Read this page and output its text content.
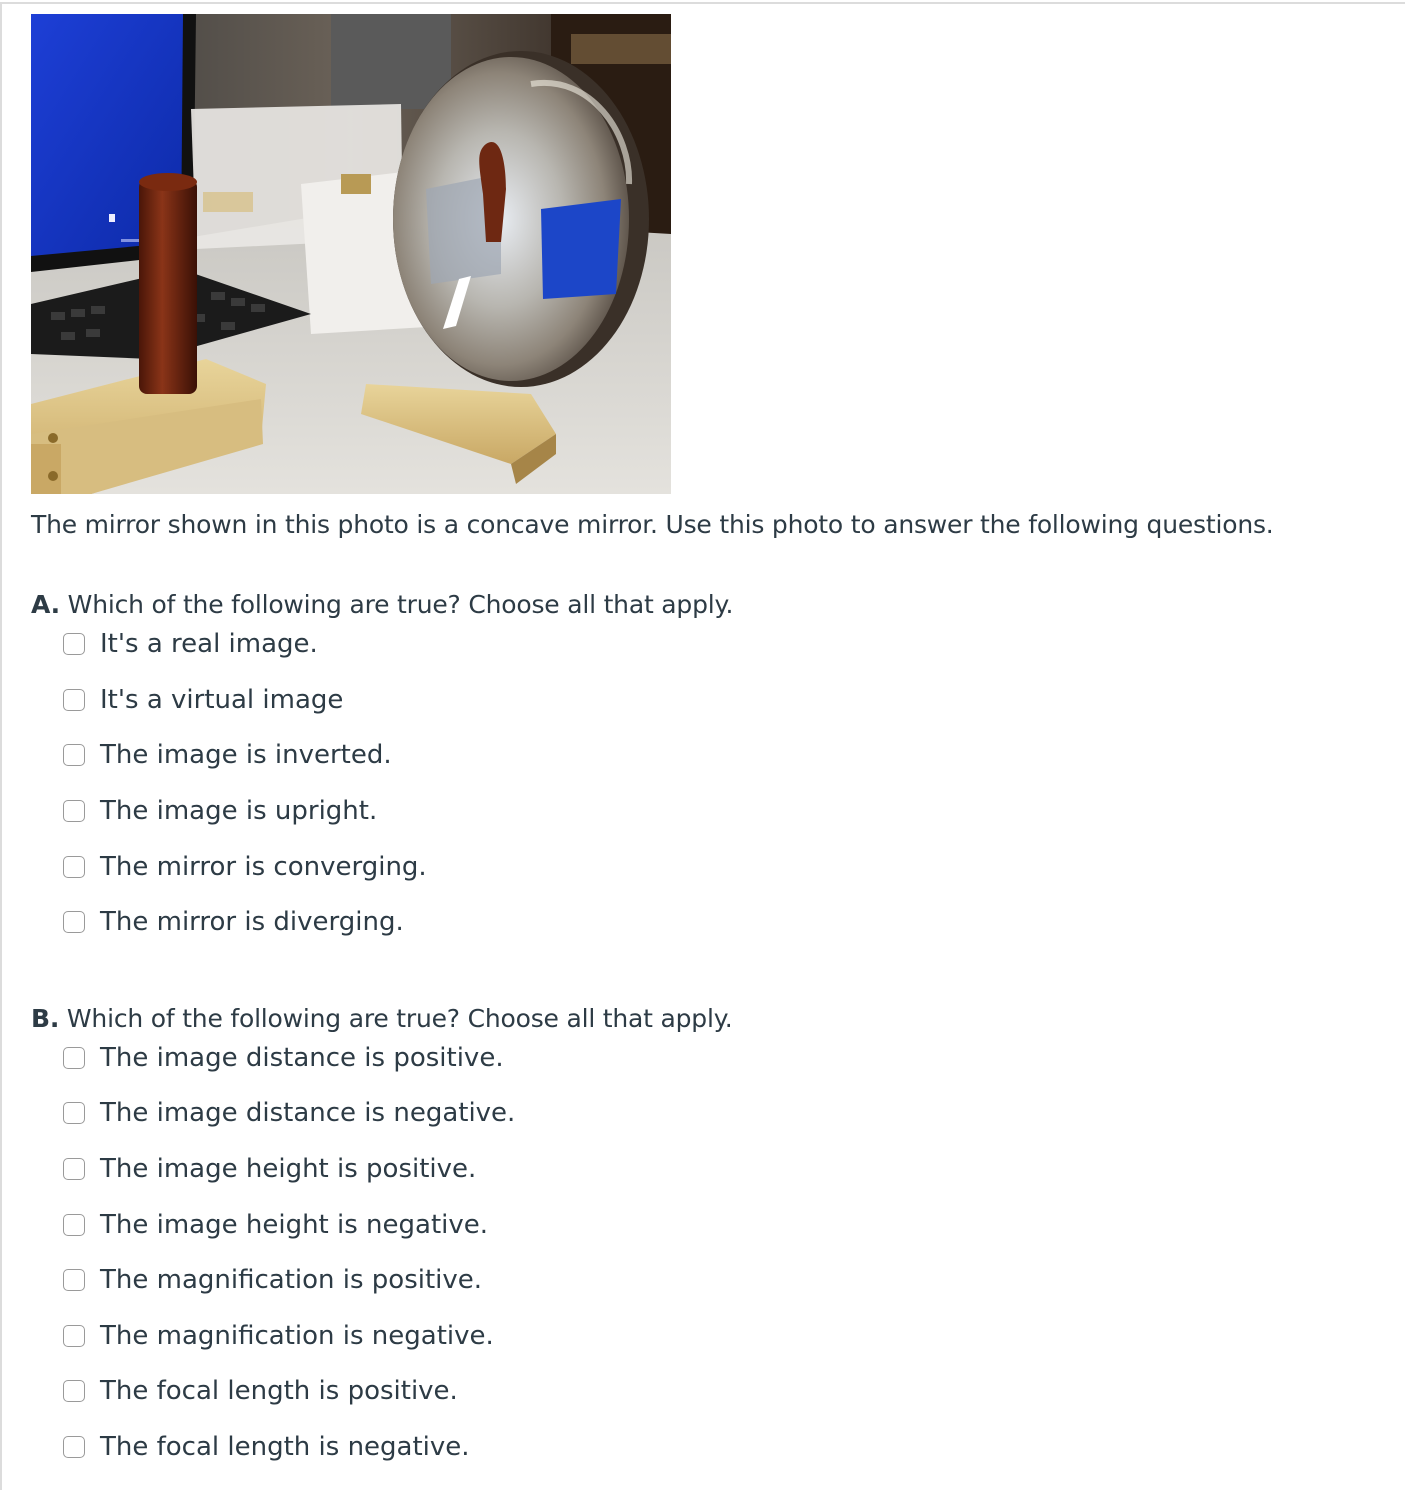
The mirror shown in this photo is a concave mirror. Use this photo to answer the following questions.
A. Which of the following are true? Choose all that apply.
It's a real image.
It's a virtual image
The image is inverted.
The image is upright.
The mirror is converging.
The mirror is diverging.
B. Which of the following are true? Choose all that apply.
The image distance is positive.
The image distance is negative.
The image height is positive.
The image height is negative.
The magnification is positive.
The magnification is negative.
The focal length is positive.
The focal length is negative.
